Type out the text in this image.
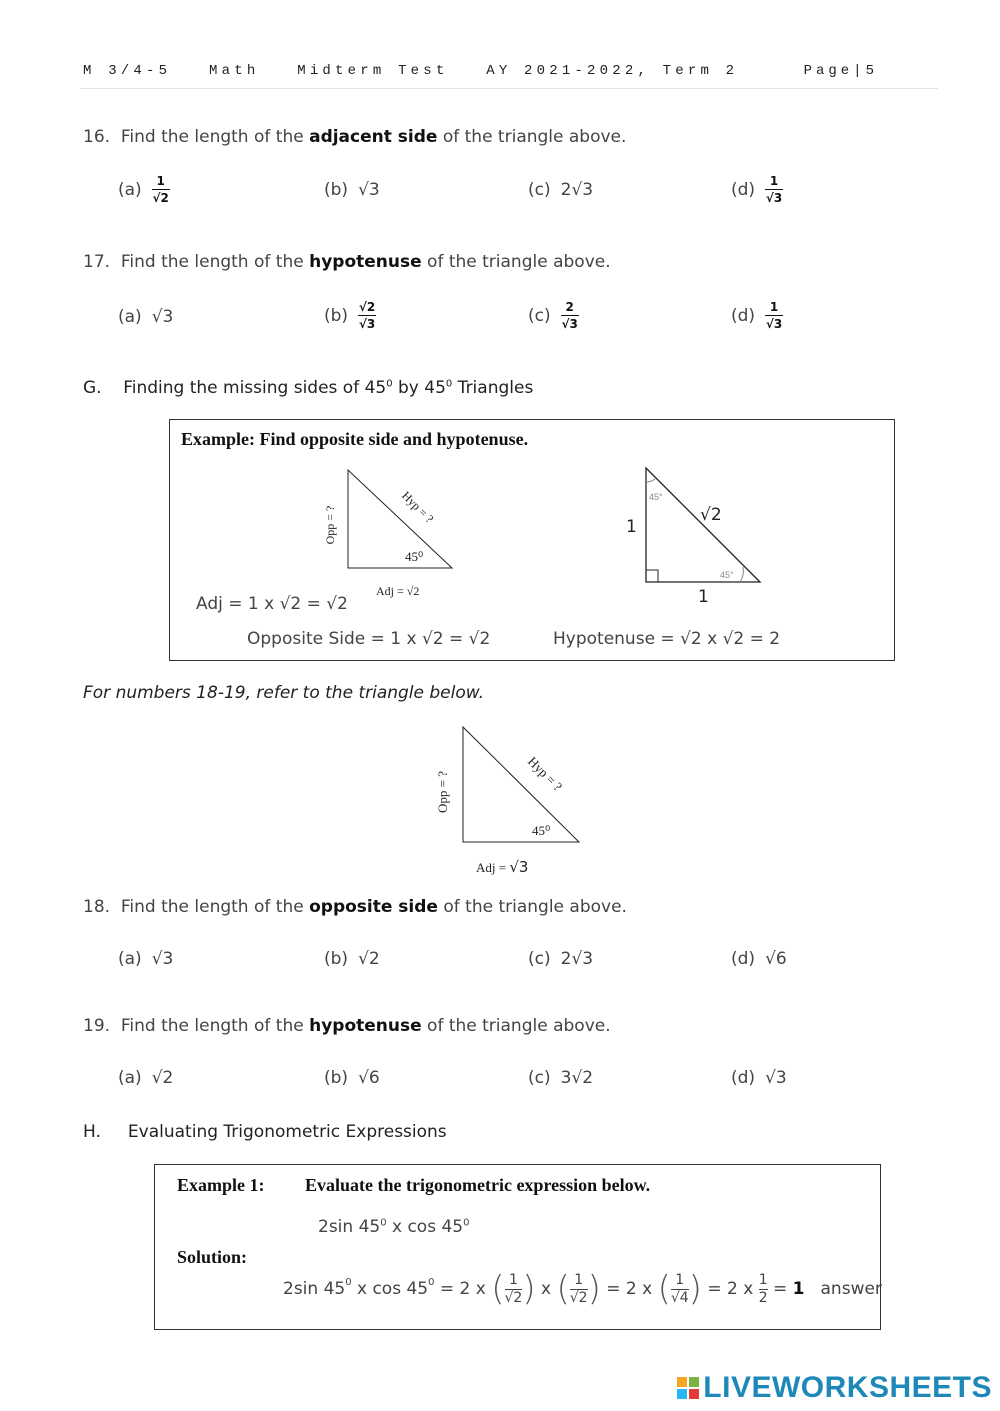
M 3/4-5   Math   Midterm Test   AY 2021-2022, Term 2	Page|5
16. Find the length of the adjacent side of the triangle above.
$(a) \frac{1}{√2}$	(b) √3	(c) 2√3	$(d) \frac{1}{√3}$
17. Find the length of the hypotenuse of the triangle above.
(a) √3	$(b) \frac{√2}{√3}$	$(c) \frac{2}{√3}$	$(d) \frac{1}{√3}$
G. Finding the missing sides of $45^0$ by $45^0$ Triangles
Example: Find opposite side and hypotenuse.
Opp = ?	Hyp = ?
45⁰
Adj = √2
45°
45°
1
1
√2
Adj = 1 x √2 = √2
Opposite Side = 1 x √2 = √2	Hypotenuse = √2 x √2 = 2
For numbers 18-19, refer to the triangle below.
Opp = ?	Hyp = ?
45⁰
Adj = √3
18. Find the length of the opposite side of the triangle above.
(a) √3	(b) √2	(c) 2√3	(d) √6
19. Find the length of the hypotenuse of the triangle above.
(a) √2	(b) √6	(c) 3√2	(d) √3
H. Evaluating Trigonometric Expressions
Example 1: Evaluate the trigonometric expression below.
2sin $45^0$ x $\cos 45^0$
Solution:
2sin $45^0$ x $\cos 45^0 = 2$ x ( 1
√2 ) x ( 1
√2 ) = 2 x ( 1
√4 ) = 2 x 1
2 = 1 answer
LIVEWORKSHEETS
